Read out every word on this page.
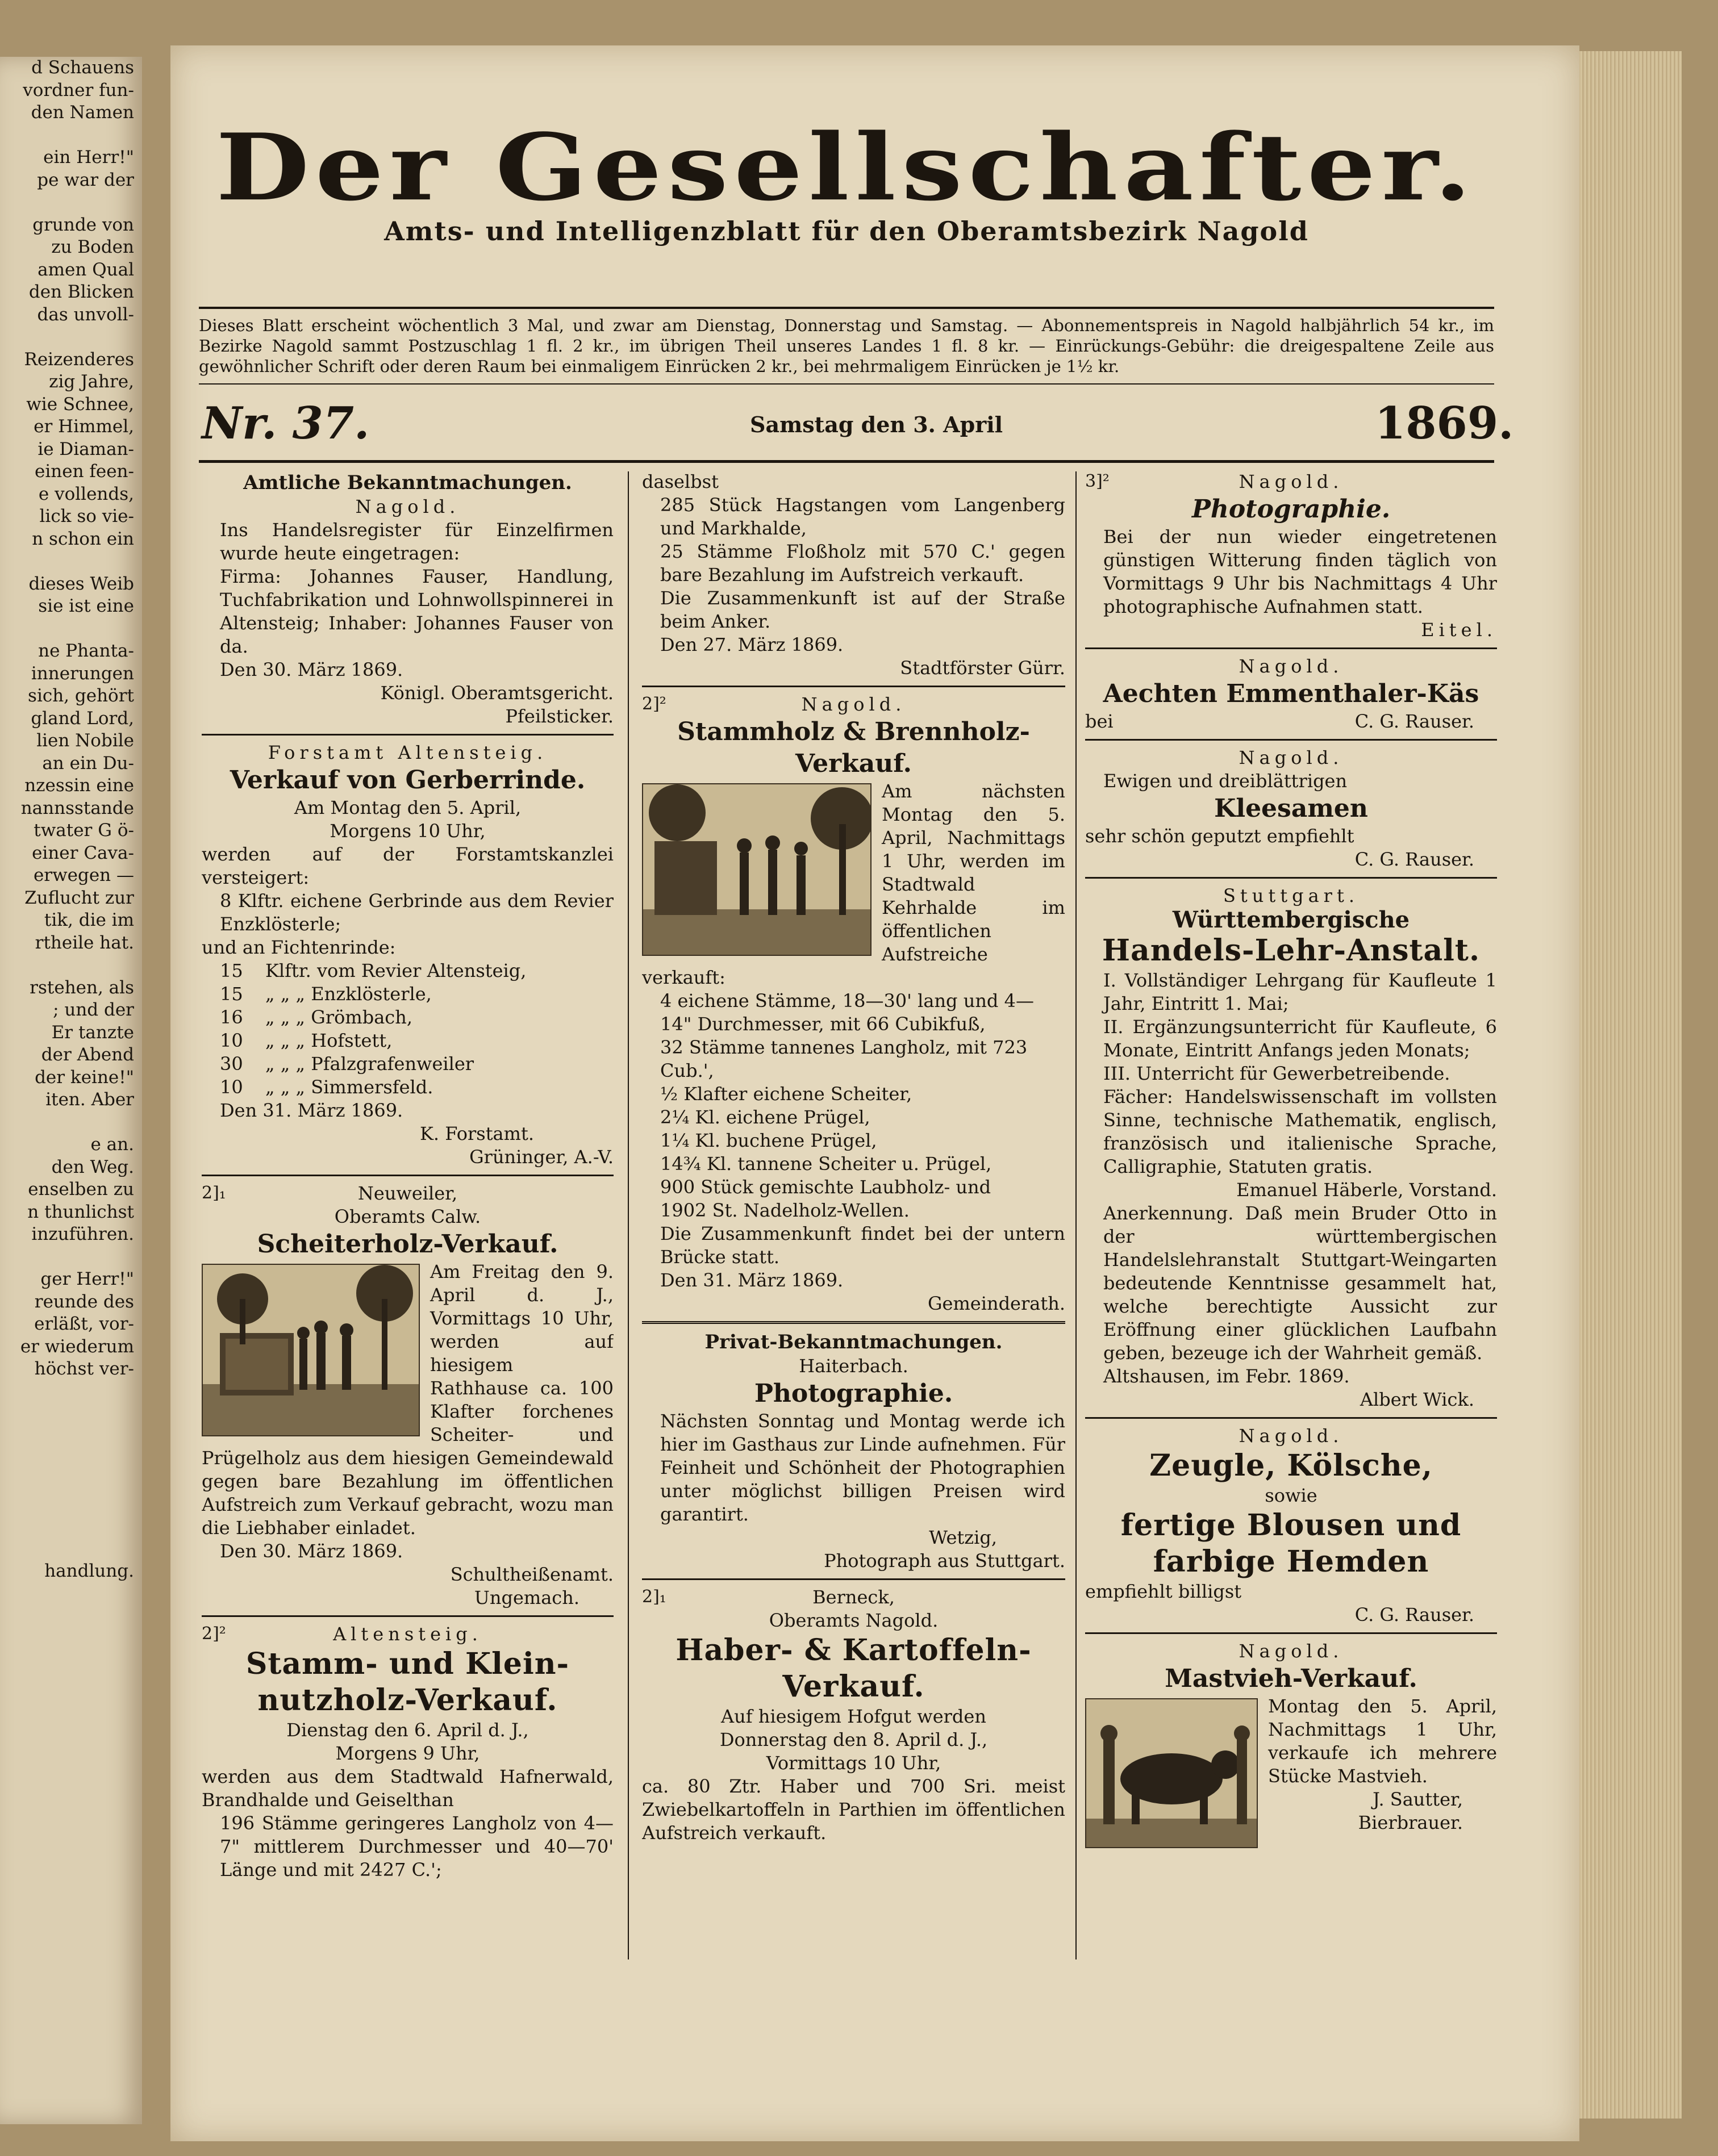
d Schauens

vordner fun-

den Namen

ein Herr!"

pe war der

grunde von

zu Boden

amen Qual

den Blicken

das unvoll-

Reizenderes

zig Jahre,

wie Schnee,

er Himmel,

ie Diaman-

einen feen-

e vollends,

lick so vie-

n schon ein

dieses Weib

sie ist eine

ne Phanta-

innerungen

sich, gehört

gland Lord,

lien Nobile

an ein Du-

nzessin eine

nannsstande

twater G ö-

einer Cava-

erwegen —

Zuflucht zur

tik, die im

rtheile hat.

rstehen, als

; und der

Er tanzte

der Abend

der keine!"

iten. Aber

e an.

den Weg.

enselben zu

n thunlichst

inzuführen.

ger Herr!"

reunde des

erläßt, vor-

er wiederum

höchst ver-

handlung.

Der Gesellschafter.
Amts- und Intelligenzblatt für den Oberamtsbezirk Nagold
Dieses Blatt erscheint wöchentlich 3 Mal, und zwar am Dienstag, Donnerstag und Samstag. — Abonnementspreis in Nagold halbjährlich 54 kr., im Bezirke Nagold sammt Postzuschlag 1 fl. 2 kr., im übrigen Theil unseres Landes 1 fl. 8 kr. — Einrückungs-Gebühr: die dreigespaltene Zeile aus gewöhnlicher Schrift oder deren Raum bei einmaligem Einrücken 2 kr., bei mehrmaligem Einrücken je 1½ kr.
Nr. 37.	Samstag den 3. April	1869.

Amtliche Bekanntmachungen.

Nagold.

Ins Handelsregister für Einzelfirmen wurde heute eingetragen:

Firma: Johannes Fauser, Handlung, Tuchfabrikation und Lohnwollspinnerei in Altensteig; Inhaber: Johannes Fauser von da.

Den 30. März 1869.

Königl. Oberamtsgericht.

Pfeilsticker.

Forstamt Altensteig.

Verkauf von Gerberrinde.

Am Montag den 5. April,

Morgens 10 Uhr,

werden auf der Forstamtskanzlei versteigert:

8 Klftr. eichene Gerbrinde aus dem Revier Enzklösterle;

und an Fichtenrinde:

15 Klftr. vom Revier Altensteig,

15 „ „ „ Enzklösterle,

16 „ „ „ Grömbach,

10 „ „ „ Hofstett,

30 „ „ „ Pfalzgrafenweiler

10 „ „ „ Simmersfeld.

Den 31. März 1869.

K. Forstamt.

Grüninger, A.-V.

2]₁	Neuweiler,

Oberamts Calw.

Scheiterholz-Verkauf.

Am Freitag den 9. April d. J., Vormittags 10 Uhr, werden auf hiesigem Rathhause ca. 100 Klafter forchenes Scheiter- und Prügelholz aus dem hiesigen Gemeindewald gegen bare Bezahlung im öffentlichen Aufstreich zum Verkauf gebracht, wozu man die Liebhaber einladet.

Den 30. März 1869.

Schultheißenamt.

Ungemach.

2]²	Altensteig.

Stamm- und Klein-

nutzholz-Verkauf.

Dienstag den 6. April d. J.,

Morgens 9 Uhr,

werden aus dem Stadtwald Hafnerwald, Brandhalde und Geiselthan

196 Stämme geringeres Langholz von 4—7" mittlerem Durchmesser und 40—70' Länge und mit 2427 C.';

daselbst

285 Stück Hagstangen vom Langenberg und Markhalde,

25 Stämme Floßholz mit 570 C.' gegen bare Bezahlung im Aufstreich verkauft.

Die Zusammenkunft ist auf der Straße beim Anker.

Den 27. März 1869.

Stadtförster Gürr.

2]²	Nagold.

Stammholz & Brennholz-

Verkauf.

Am nächsten Montag den 5. April, Nachmittags 1 Uhr, werden im Stadtwald Kehrhalde im öffentlichen Aufstreiche verkauft:

4 eichene Stämme, 18—30' lang und 4—14" Durchmesser, mit 66 Cubikfuß,

32 Stämme tannenes Langholz, mit 723 Cub.',

½ Klafter eichene Scheiter,

2¼ Kl. eichene Prügel,

1¼ Kl. buchene Prügel,

14¾ Kl. tannene Scheiter u. Prügel,

900 Stück gemischte Laubholz- und

1902 St. Nadelholz-Wellen.

Die Zusammenkunft findet bei der untern Brücke statt.

Den 31. März 1869.

Gemeinderath.

Privat-Bekanntmachungen.

Haiterbach.

Photographie.

Nächsten Sonntag und Montag werde ich hier im Gasthaus zur Linde aufnehmen. Für Feinheit und Schönheit der Photographien unter möglichst billigen Preisen wird garantirt.

Wetzig,

Photograph aus Stuttgart.

2]₁	Berneck,

Oberamts Nagold.

Haber- & Kartoffeln-

Verkauf.

Auf hiesigem Hofgut werden

Donnerstag den 8. April d. J.,

Vormittags 10 Uhr,

ca. 80 Ztr. Haber und 700 Sri. meist Zwiebelkartoffeln in Parthien im öffentlichen Aufstreich verkauft.

3]²	Nagold.

Photographie.

Bei der nun wieder eingetretenen günstigen Witterung finden täglich von Vormittags 9 Uhr bis Nachmittags 4 Uhr photographische Aufnahmen statt.

Eitel.

Nagold.

Aechten Emmenthaler-Käs

bei	C. G. Rauser.

Nagold.

Ewigen und dreiblättrigen

Kleesamen

sehr schön geputzt empfiehlt

C. G. Rauser.

Stuttgart.

Württembergische

Handels-Lehr-Anstalt.

I. Vollständiger Lehrgang für Kaufleute 1 Jahr, Eintritt 1. Mai;

II. Ergänzungsunterricht für Kaufleute, 6 Monate, Eintritt Anfangs jeden Monats;

III. Unterricht für Gewerbetreibende.

Fächer: Handelswissenschaft im vollsten Sinne, technische Mathematik, englisch, französisch und italienische Sprache, Calligraphie, Statuten gratis.

Emanuel Häberle, Vorstand.

Anerkennung. Daß mein Bruder Otto in der württembergischen Handelslehranstalt Stuttgart-Weingarten bedeutende Kenntnisse gesammelt hat, welche berechtigte Aussicht zur Eröffnung einer glücklichen Laufbahn geben, bezeuge ich der Wahrheit gemäß.

Altshausen, im Febr. 1869.

Albert Wick.

Nagold.

Zeugle, Kölsche,

sowie

fertige Blousen und

farbige Hemden

empfiehlt billigst

C. G. Rauser.

Nagold.

Mastvieh-Verkauf.

Montag den 5. April, Nachmittags 1 Uhr, verkaufe ich mehrere Stücke Mastvieh.

J. Sautter,

Bierbrauer.
